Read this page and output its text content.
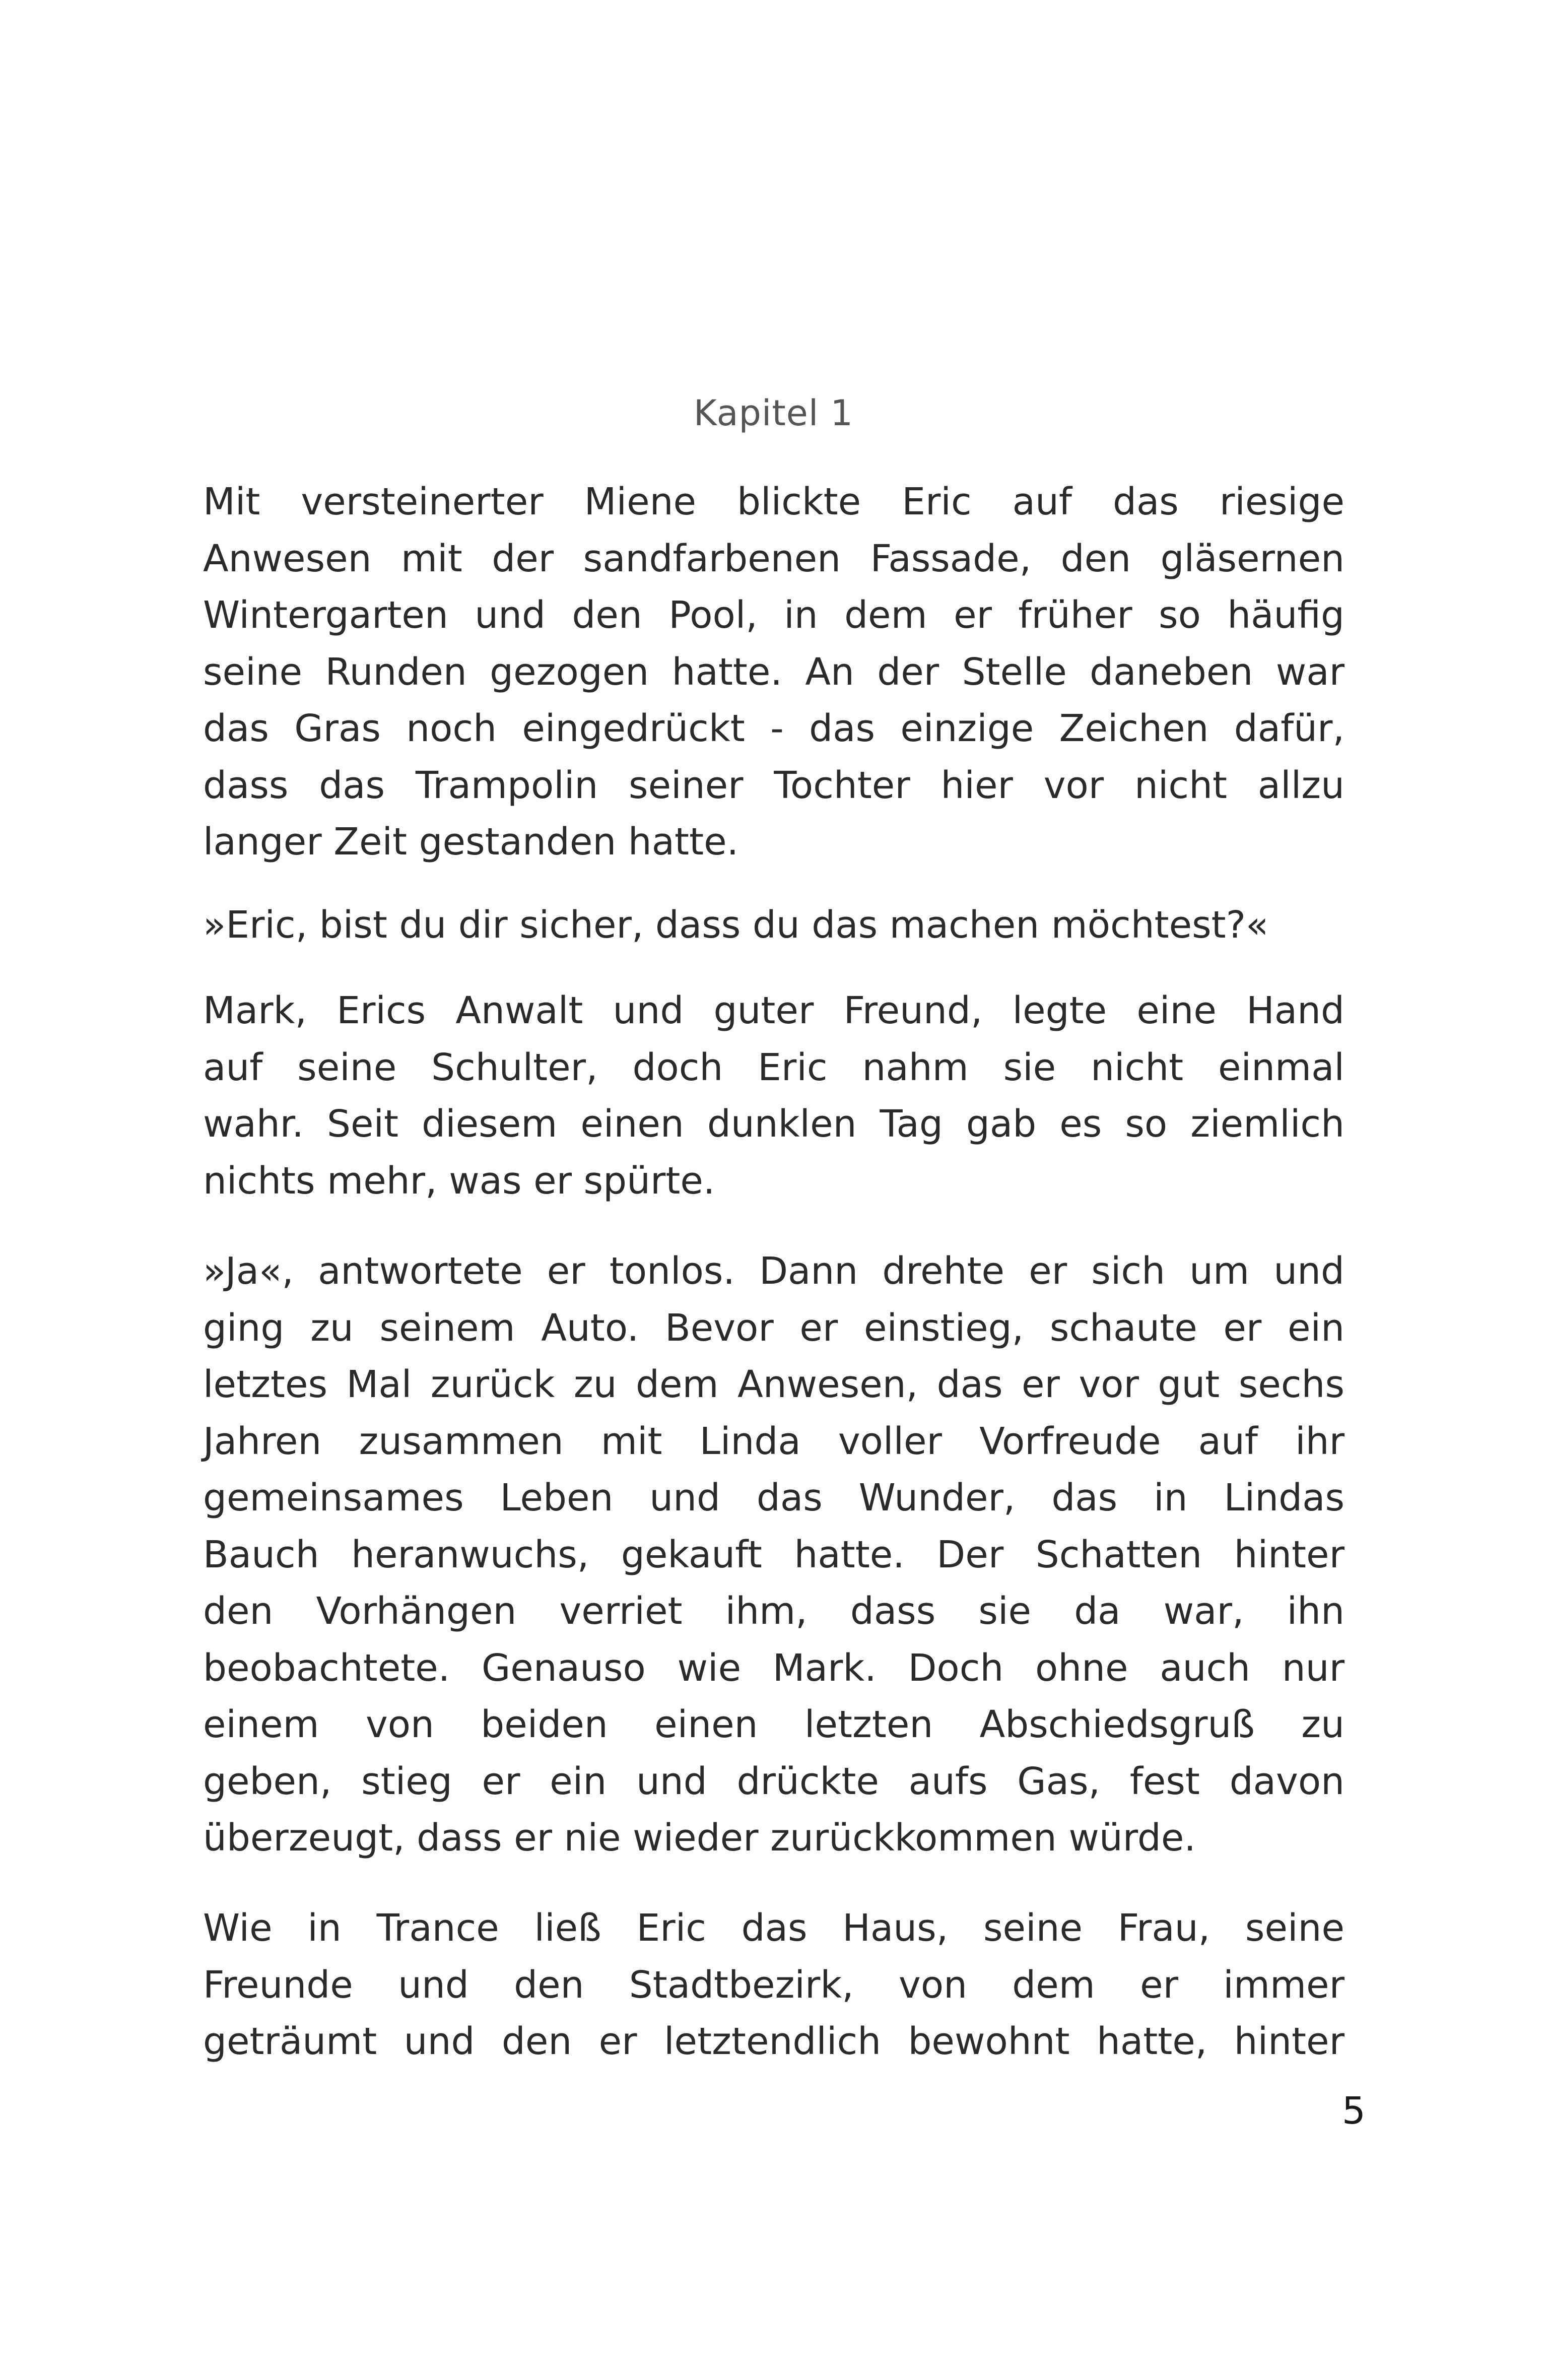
Kapitel 1
Mit versteinerter Miene blickte Eric auf das riesige
Anwesen mit der sandfarbenen Fassade, den gläsernen
Wintergarten und den Pool, in dem er früher so häufig
seine Runden gezogen hatte. An der Stelle daneben war
das Gras noch eingedrückt - das einzige Zeichen dafür,
dass das Trampolin seiner Tochter hier vor nicht allzu
langer Zeit gestanden hatte.
»Eric, bist du dir sicher, dass du das machen möchtest?«
Mark, Erics Anwalt und guter Freund, legte eine Hand
auf seine Schulter, doch Eric nahm sie nicht einmal
wahr. Seit diesem einen dunklen Tag gab es so ziemlich
nichts mehr, was er spürte.
»Ja«, antwortete er tonlos. Dann drehte er sich um und
ging zu seinem Auto. Bevor er einstieg, schaute er ein
letztes Mal zurück zu dem Anwesen, das er vor gut sechs
Jahren zusammen mit Linda voller Vorfreude auf ihr
gemeinsames Leben und das Wunder, das in Lindas
Bauch heranwuchs, gekauft hatte. Der Schatten hinter
den Vorhängen verriet ihm, dass sie da war, ihn
beobachtete. Genauso wie Mark. Doch ohne auch nur
einem von beiden einen letzten Abschiedsgruß zu
geben, stieg er ein und drückte aufs Gas, fest davon
überzeugt, dass er nie wieder zurückkommen würde.
Wie in Trance ließ Eric das Haus, seine Frau, seine
Freunde und den Stadtbezirk, von dem er immer
geträumt und den er letztendlich bewohnt hatte, hinter
5
